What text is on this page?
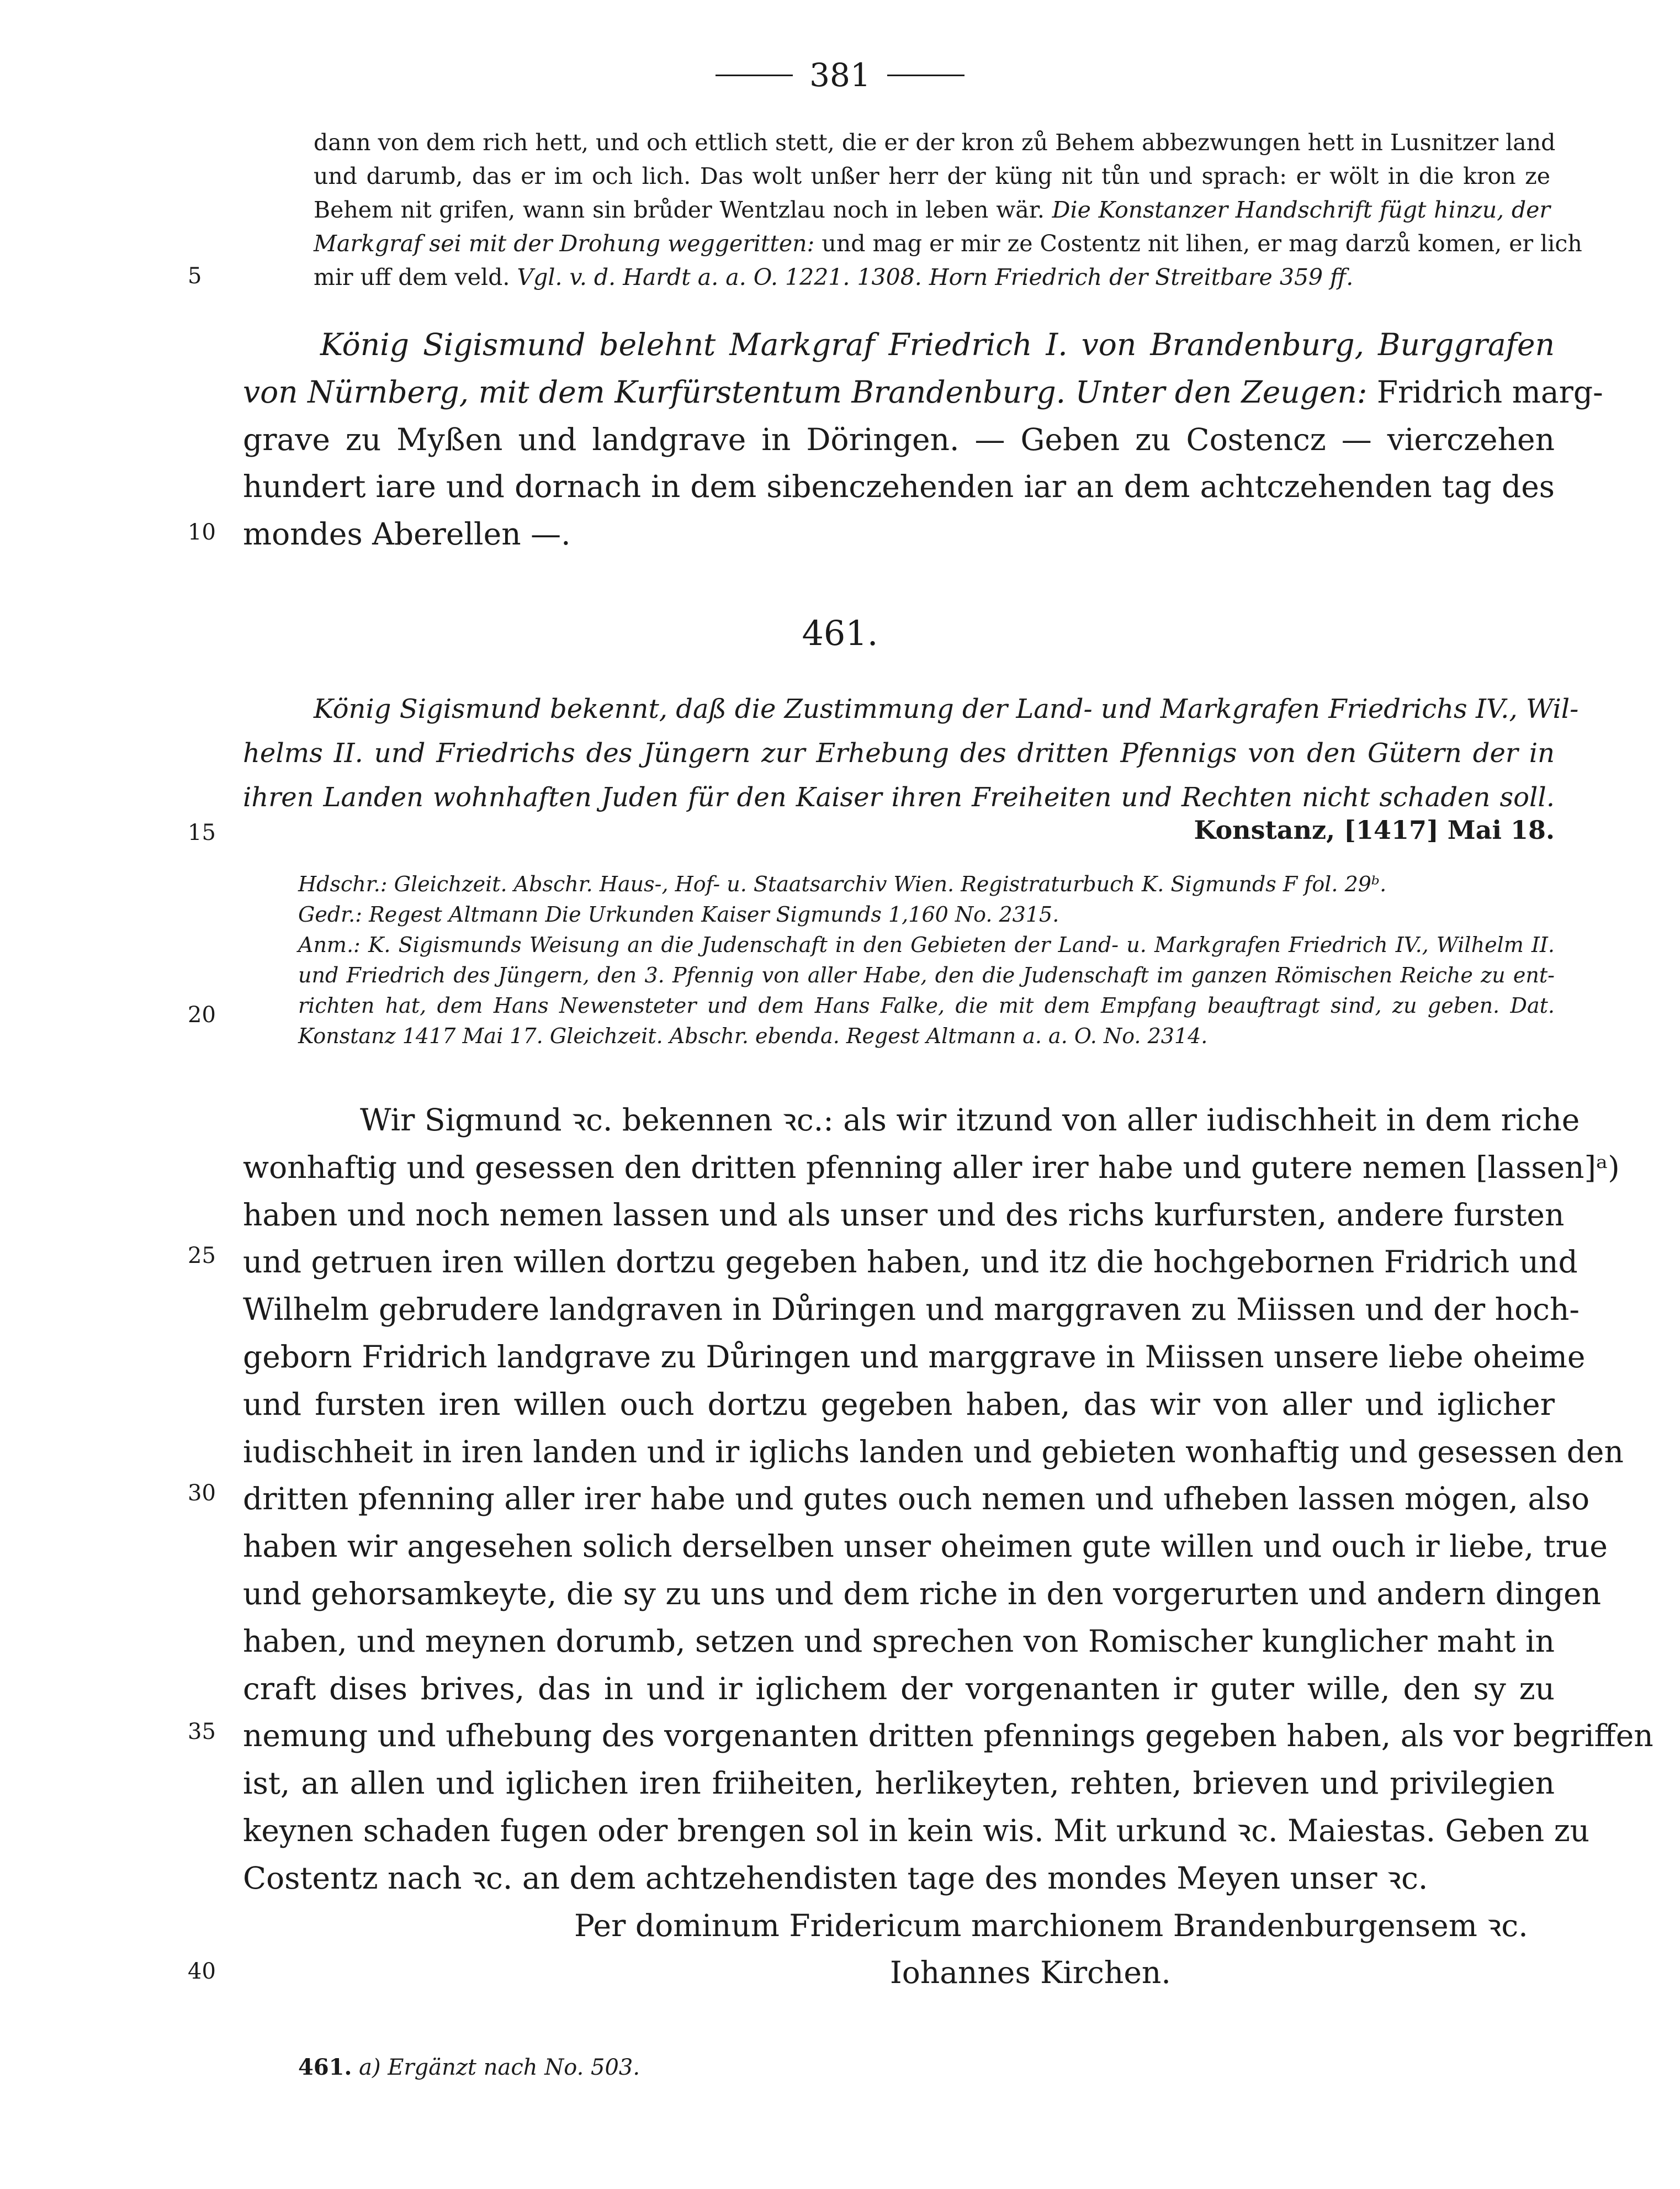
381
5
10
15
20
25
30
35
40
dann von dem rich hett, und och ettlich stett, die er der kron zů Behem abbezwungen hett in Lusnitzer land
und darumb, das er im och lich. Das wolt unßer herr der küng nit tůn und sprach: er wölt in die kron ze
Behem nit grifen, wann sin brůder Wentzlau noch in leben wär. Die Konstanzer Handschrift fügt hinzu, der
Markgraf sei mit der Drohung weggeritten: und mag er mir ze Costentz nit lihen, er mag darzů komen, er lich
mir uff dem veld. Vgl. v. d. Hardt a. a. O. 1221. 1308. Horn Friedrich der Streitbare 359 ff.
König Sigismund belehnt Markgraf Friedrich I. von Brandenburg, Burggrafen
von Nürnberg, mit dem Kurfürstentum Brandenburg. Unter den Zeugen: Fridrich marg-
grave zu Myßen und landgrave in Döringen. — Geben zu Costencz — vierczehen
hundert iare und dornach in dem sibenczehenden iar an dem achtczehenden tag des
mondes Aberellen —.
461.
König Sigismund bekennt, daß die Zustimmung der Land- und Markgrafen Friedrichs IV., Wil-
helms II. und Friedrichs des Jüngern zur Erhebung des dritten Pfennigs von den Gütern der in
ihren Landen wohnhaften Juden für den Kaiser ihren Freiheiten und Rechten nicht schaden soll.
Konstanz, [1417] Mai 18.
Hdschr.: Gleichzeit. Abschr. Haus-, Hof- u. Staatsarchiv Wien. Registraturbuch K. Sigmunds F fol. 29ᵇ.
Gedr.: Regest Altmann Die Urkunden Kaiser Sigmunds 1,160 No. 2315.
Anm.: K. Sigismunds Weisung an die Judenschaft in den Gebieten der Land- u. Markgrafen Friedrich IV., Wilhelm II.
und Friedrich des Jüngern, den 3. Pfennig von aller Habe, den die Judenschaft im ganzen Römischen Reiche zu ent-
richten hat, dem Hans Newensteter und dem Hans Falke, die mit dem Empfang beauftragt sind, zu geben. Dat.
Konstanz 1417 Mai 17. Gleichzeit. Abschr. ebenda. Regest Altmann a. a. O. No. 2314.
Wir Sigmund ꝛc. bekennen ꝛc.: als wir itzund von aller iudischheit in dem riche
wonhaftig und gesessen den dritten pfenning aller irer habe und gutere nemen [lassen]ᵃ)
haben und noch nemen lassen und als unser und des richs kurfursten, andere fursten
und getruen iren willen dortzu gegeben haben, und itz die hochgebornen Fridrich und
Wilhelm gebrudere landgraven in Důringen und marggraven zu Miissen und der hoch-
geborn Fridrich landgrave zu Důringen und marggrave in Miissen unsere liebe oheime
und fursten iren willen ouch dortzu gegeben haben, das wir von aller und iglicher
iudischheit in iren landen und ir iglichs landen und gebieten wonhaftig und gesessen den
dritten pfenning aller irer habe und gutes ouch nemen und ufheben lassen mȯgen, also
haben wir angesehen solich derselben unser oheimen gute willen und ouch ir liebe, true
und gehorsamkeyte, die sy zu uns und dem riche in den vorgerurten und andern dingen
haben, und meynen dorumb, setzen und sprechen von Romischer kunglicher maht in
craft dises brives, das in und ir iglichem der vorgenanten ir guter wille, den sy zu
nemung und ufhebung des vorgenanten dritten pfennings gegeben haben, als vor begriffen
ist, an allen und iglichen iren friiheiten, herlikeyten, rehten, brieven und privilegien
keynen schaden fugen oder brengen sol in kein wis. Mit urkund ꝛc. Maiestas. Geben zu
Costentz nach ꝛc. an dem achtzehendisten tage des mondes Meyen unser ꝛc.
Per dominum Fridericum marchionem Brandenburgensem ꝛc.
Iohannes Kirchen.
461. a) Ergänzt nach No. 503.
